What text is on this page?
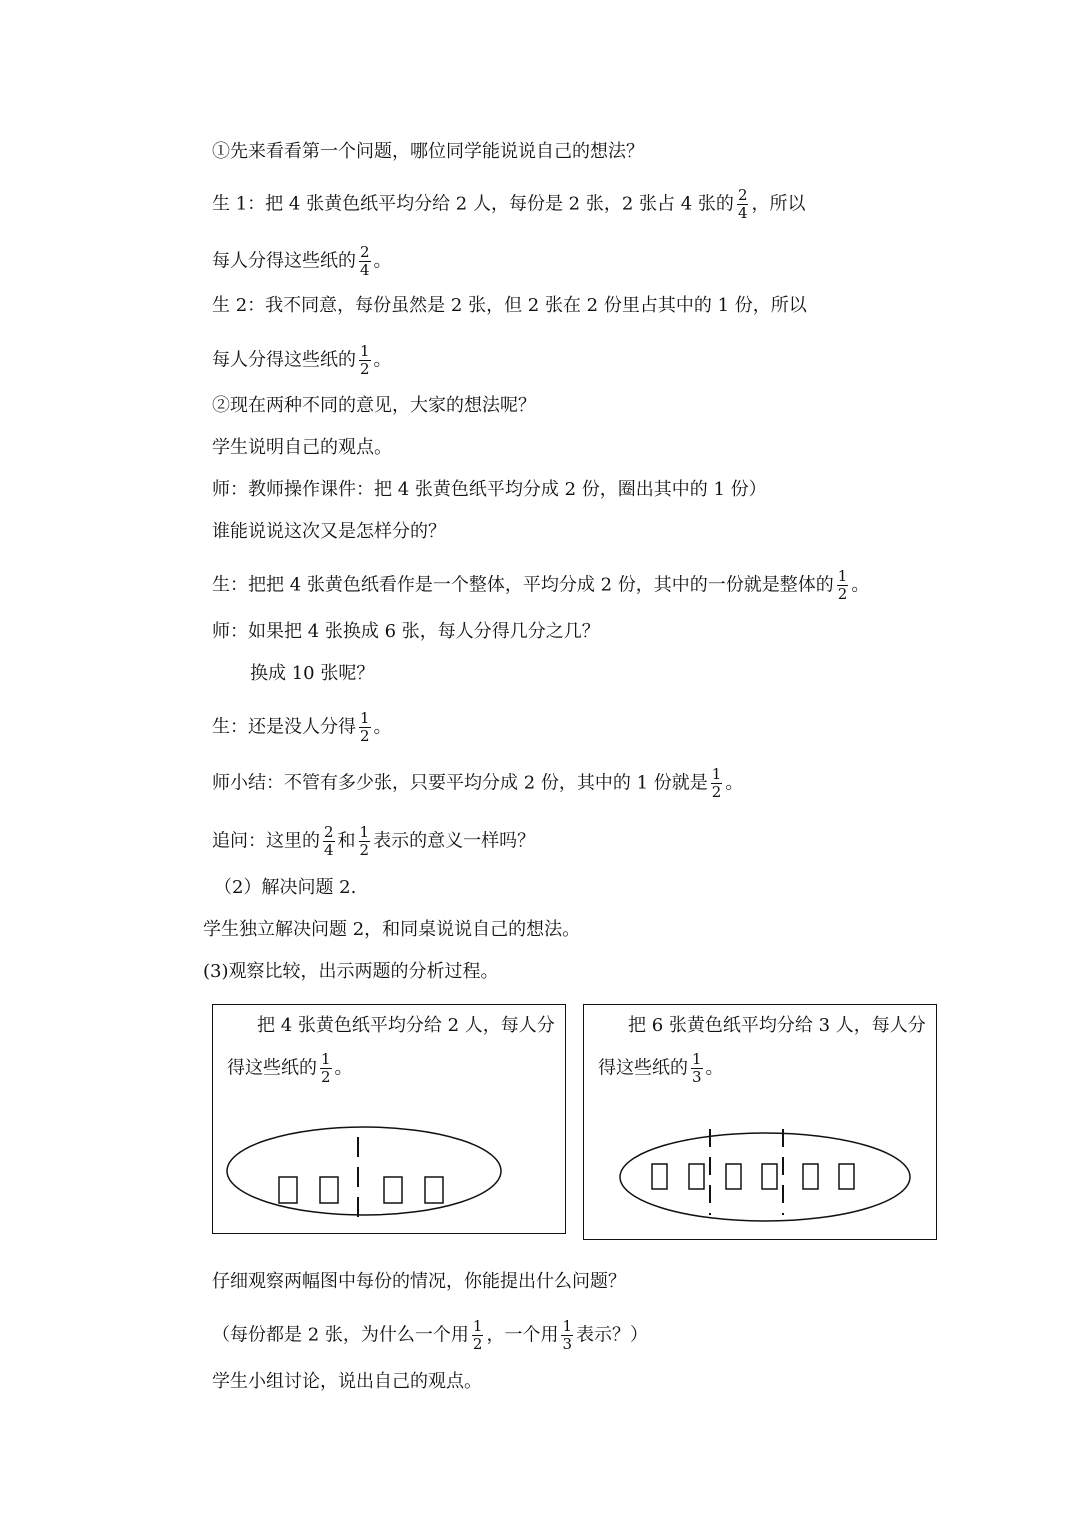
①先来看看第一个问题，哪位同学能说说自己的想法？
生 1：把 4 张黄色纸平均分给 2 人，每份是 2 张，2 张占 4 张的 $\frac{2}{4}$ ，所以
每人分得这些纸的 $\frac{2}{4}$ 。
生 2：我不同意，每份虽然是 2 张，但 2 张在 2 份里占其中的 1 份，所以
每人分得这些纸的 $\frac{1}{2}$ 。
②现在两种不同的意见，大家的想法呢？
学生说明自己的观点。
师：教师操作课件：把 4 张黄色纸平均分成 2 份，圈出其中的 1 份）
谁能说说这次又是怎样分的？
生：把把 4 张黄色纸看作是一个整体，平均分成 2 份，其中的一份就是整体的 $\frac{1}{2}$ 。
师：如果把 4 张换成 6 张，每人分得几分之几？
换成 10 张呢？
生：还是没人分得 $\frac{1}{2}$ 。
师小结：不管有多少张，只要平均分成 2 份，其中的 1 份就是 $\frac{1}{2}$ 。
追问：这里的 $\frac{2}{4}$ 和 $\frac{1}{2}$ 表示的意义一样吗？
（2）解决问题 2.
学生独立解决问题 2，和同桌说说自己的想法。
(3)观察比较，出示两题的分析过程。
把 4 张黄色纸平均分给 2 人，每人分
得这些纸的 $\frac{1}{2}$ 。
把 6 张黄色纸平均分给 3 人，每人分
得这些纸的 $\frac{1}{3}$ 。
仔细观察两幅图中每份的情况，你能提出什么问题？
（每份都是 2 张，为什么一个用 $\frac{1}{2}$ ，一个用 $\frac{1}{3}$ 表示？）
学生小组讨论，说出自己的观点。
